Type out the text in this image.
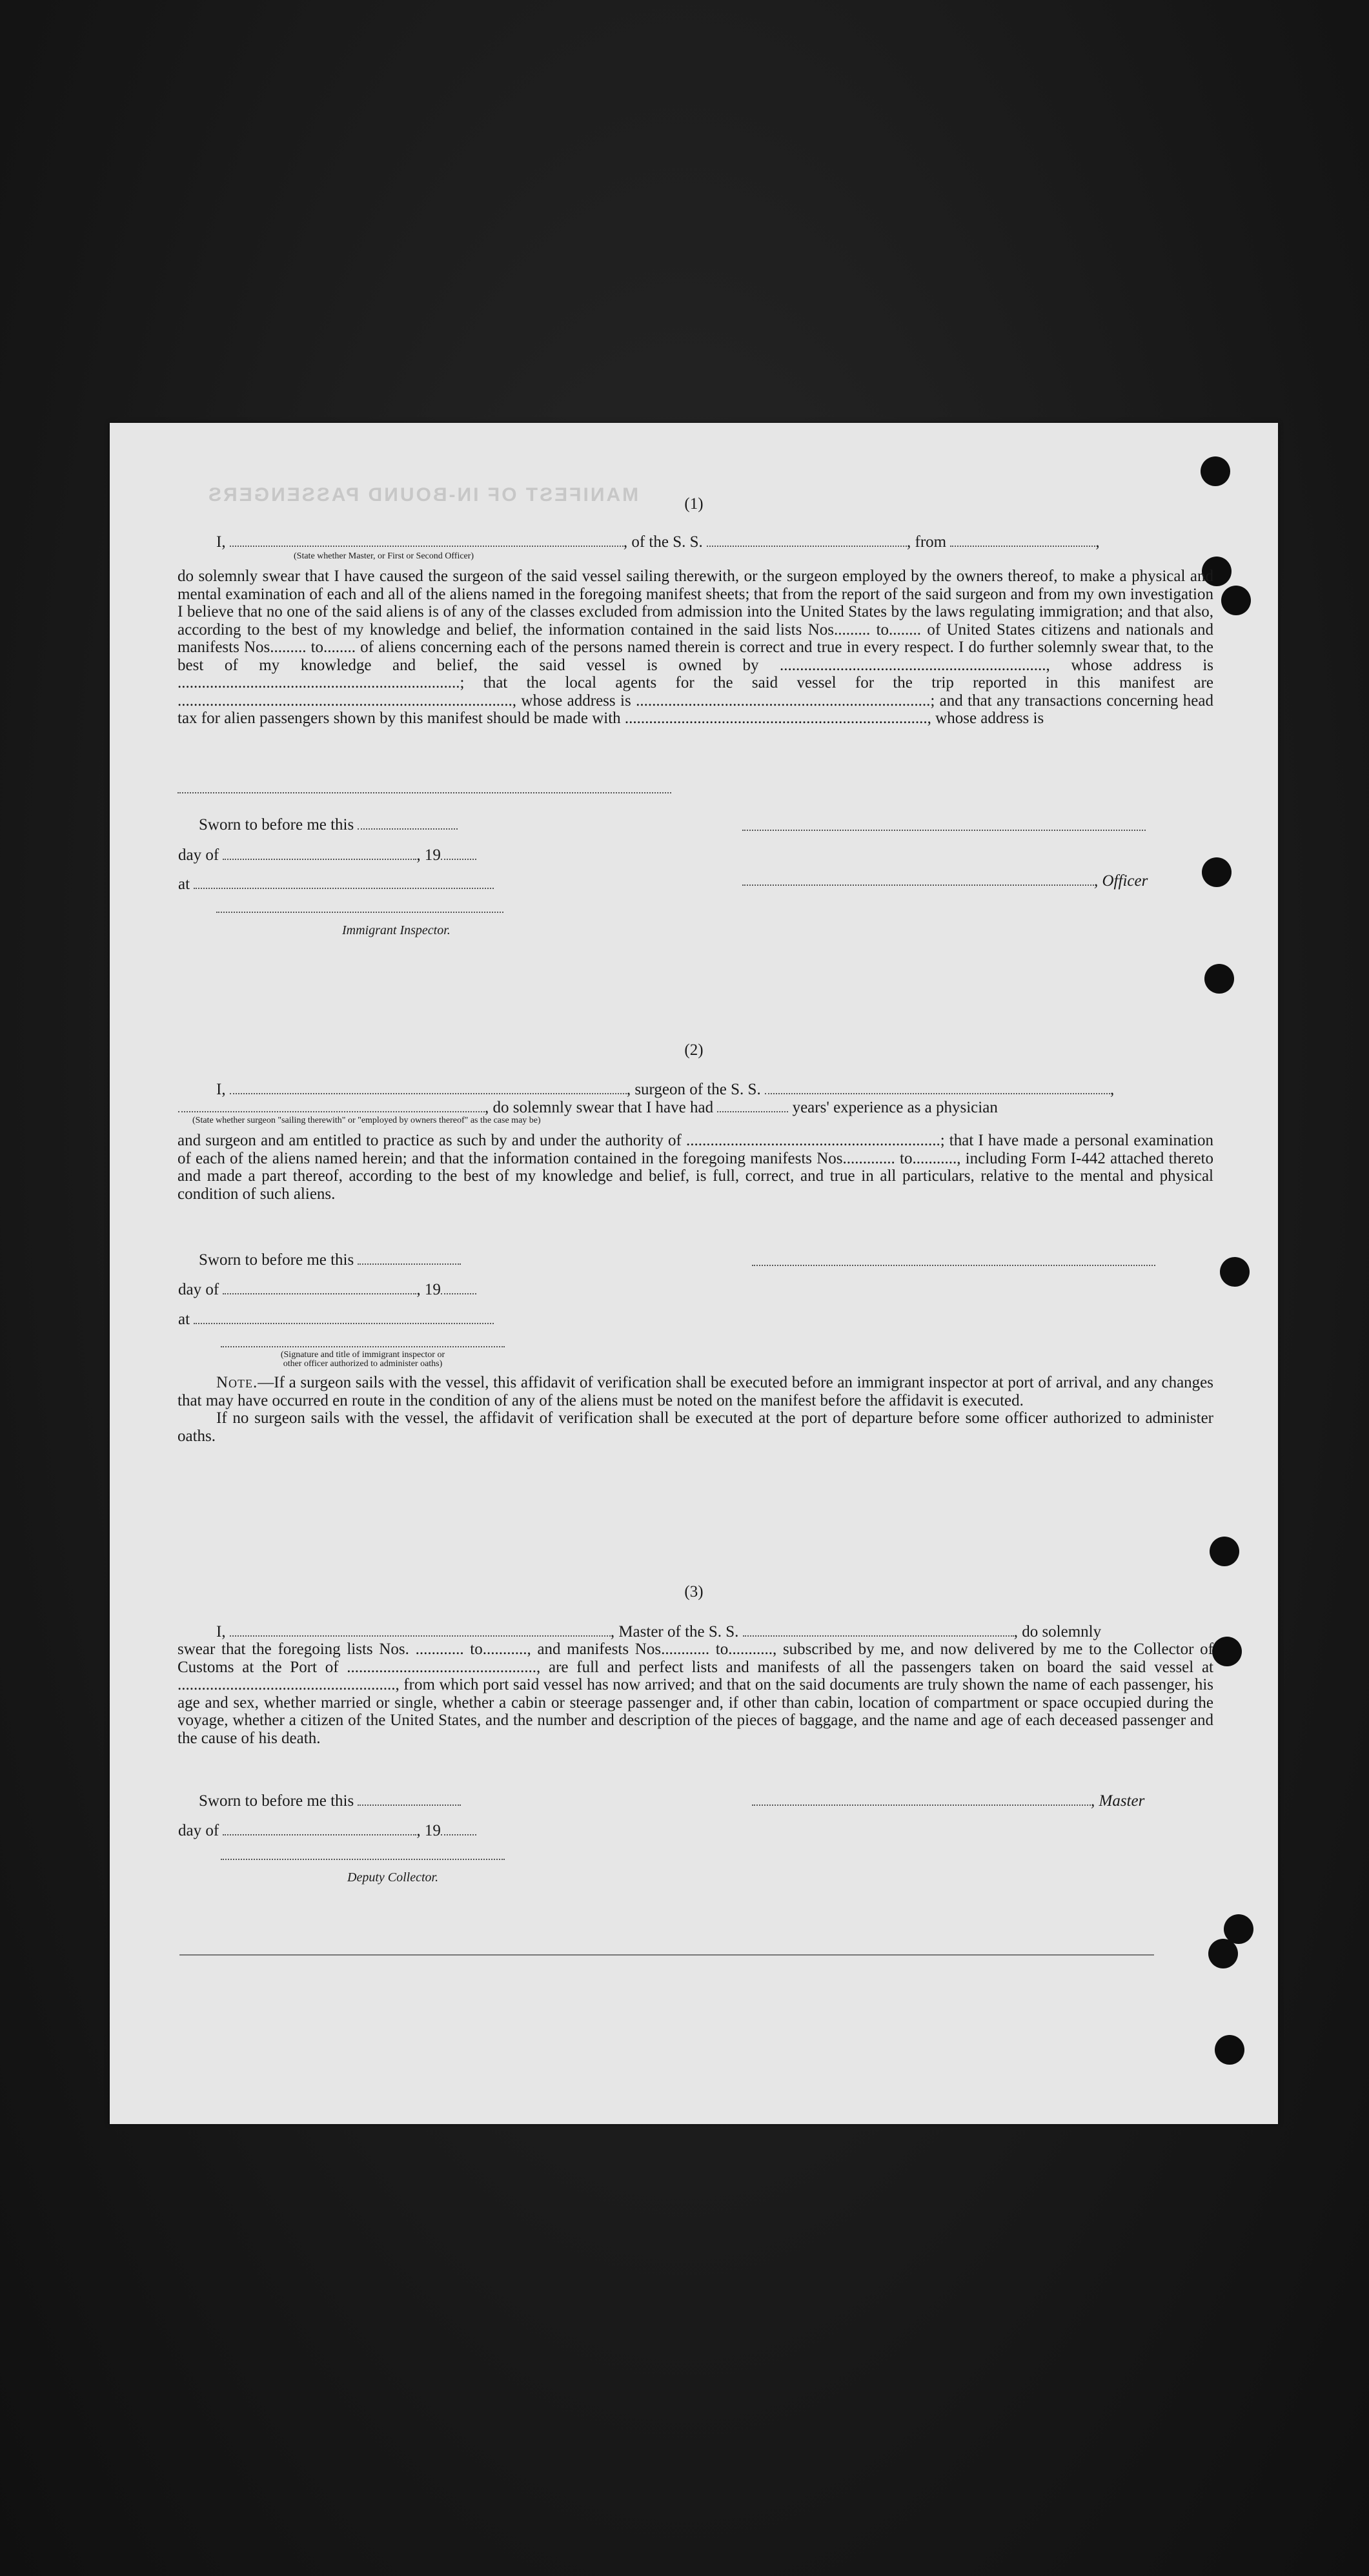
MANIFEST OF IN-BOUND PASSENGERS	(1)
I,	, of the S. S.	, from	,
(State whether Master, or First or Second Officer)

do solemnly swear that I have caused the surgeon of the said vessel sailing therewith, or the surgeon employed by the owners thereof, to make a physical and mental examination of each and all of the aliens named in the foregoing manifest sheets; that from the report of the said surgeon and from my own investigation I believe that no one of the said aliens is of any of the classes excluded from admission into the United States by the laws regulating immigration; and that also, according to the best of my knowledge and belief, the information contained in the said lists Nos......... to........ of United States citizens and nationals and manifests Nos......... to........ of aliens concerning each of the persons named therein is correct and true in every respect. I do further solemnly swear that, to the best of my knowledge and belief, the said vessel is owned by .................................................................., whose address is ......................................................................; that the local agents for the said vessel for the trip reported in this manifest are ..................................................................................., whose address is .........................................................................; and that any transactions concerning head tax for alien passengers shown by this manifest should be made with ..........................................................................., whose address is

Sworn to before me this
day of	, 19
, Officer
at
Immigrant Inspector.
(2)
I,	, surgeon of the S. S.	,
, do solemnly swear that I have had	years' experience as a physician
(State whether surgeon "sailing therewith" or "employed by owners thereof" as the case may be)

and surgeon and am entitled to practice as such by and under the authority of ...............................................................; that I have made a personal examination of each of the aliens named herein; and that the information contained in the foregoing manifests Nos............. to..........., including Form I-442 attached thereto and made a part thereof, according to the best of my knowledge and belief, is full, correct, and true in all particulars, relative to the mental and physical condition of such aliens.

Sworn to before me this
day of	, 19
at
(Signature and title of immigrant inspector or
other officer authorized to administer oaths)

Note.—If a surgeon sails with the vessel, this affidavit of verification shall be executed before an immigrant inspector at port of arrival, and any changes that may have occurred en route in the condition of any of the aliens must be noted on the manifest before the affidavit is executed.

If no surgeon sails with the vessel, the affidavit of verification shall be executed at the port of departure before some officer authorized to administer oaths.

(3)
I,	, Master of the S. S.	, do solemnly

swear that the foregoing lists Nos. ............ to..........., and manifests Nos............ to..........., subscribed by me, and now delivered by me to the Collector of Customs at the Port of ..............................................., are full and perfect lists and manifests of all the passengers taken on board the said vessel at ......................................................, from which port said vessel has now arrived; and that on the said documents are truly shown the name of each passenger, his age and sex, whether married or single, whether a cabin or steerage passenger and, if other than cabin, location of compartment or space occupied during the voyage, whether a citizen of the United States, and the number and description of the pieces of baggage, and the name and age of each deceased passenger and the cause of his death.

Sworn to before me this	, Master
day of	, 19
Deputy Collector.
